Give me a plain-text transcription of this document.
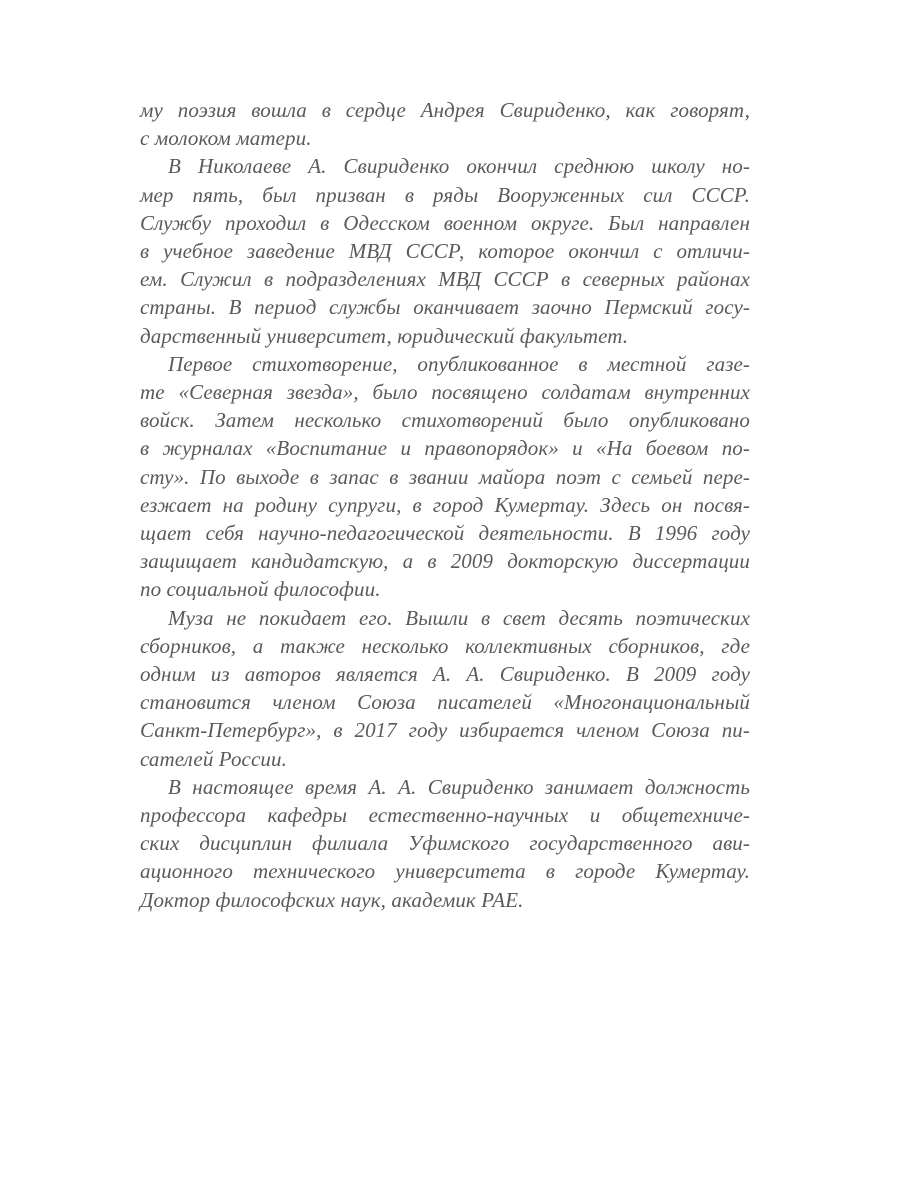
му поэзия вошла в сердце Андрея Свириденко, как говорят,
с молоком матери.
В Николаеве А. Свириденко окончил среднюю школу но-
мер пять, был призван в ряды Вооруженных сил СССР.
Службу проходил в Одесском военном округе. Был направлен
в учебное заведение МВД СССР, которое окончил с отличи-
ем. Служил в подразделениях МВД СССР в северных районах
страны. В период службы оканчивает заочно Пермский госу-
дарственный университет, юридический факультет.
Первое стихотворение, опубликованное в местной газе-
те «Северная звезда», было посвящено солдатам внутренних
войск. Затем несколько стихотворений было опубликовано
в журналах «Воспитание и правопорядок» и «На боевом по-
сту». По выходе в запас в звании майора поэт с семьей пере-
езжает на родину супруги, в город Кумертау. Здесь он посвя-
щает себя научно-педагогической деятельности. В 1996 году
защищает кандидатскую, а в 2009 докторскую диссертации
по социальной философии.
Муза не покидает его. Вышли в свет десять поэтических
сборников, а также несколько коллективных сборников, где
одним из авторов является А. А. Свириденко. В 2009 году
становится членом Союза писателей «Многонациональный
Санкт-Петербург», в 2017 году избирается членом Союза пи-
сателей России.
В настоящее время А. А. Свириденко занимает должность
профессора кафедры естественно-научных и общетехниче-
ских дисциплин филиала Уфимского государственного ави-
ационного технического университета в городе Кумертау.
Доктор философских наук, академик РАЕ.
